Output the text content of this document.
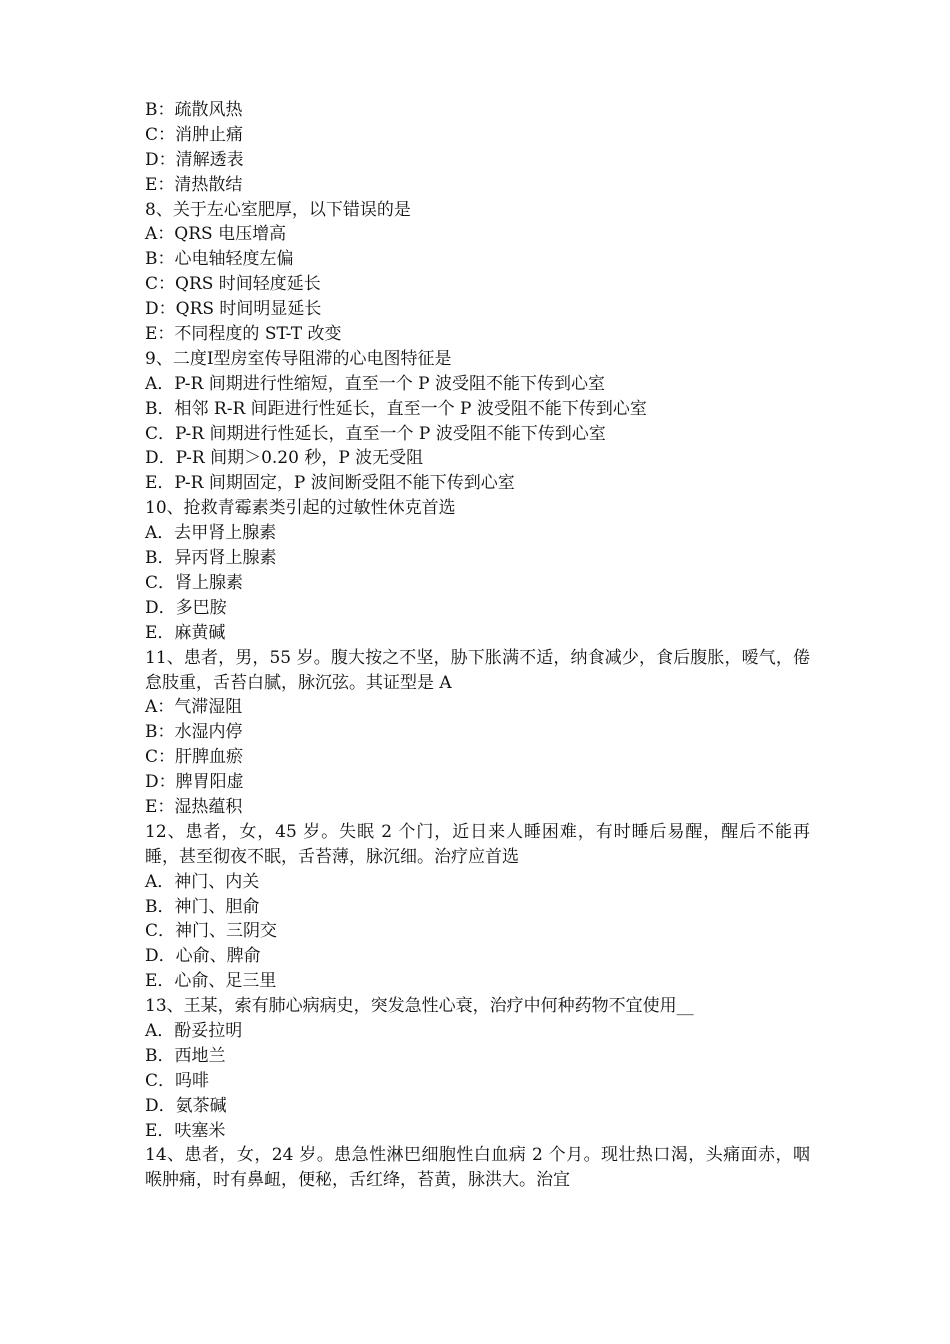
B：疏散风热
C：消肿止痛
D：清解透表
E：清热散结
8、关于左心室肥厚，以下错误的是
A：QRS 电压增高
B：心电轴轻度左偏
C：QRS 时间轻度延长
D：QRS 时间明显延长
E：不同程度的 ST-T 改变
9、二度Ⅰ型房室传导阻滞的心电图特征是
A．P-R 间期进行性缩短，直至一个 P 波受阻不能下传到心室
B．相邻 R-R 间距进行性延长，直至一个 P 波受阻不能下传到心室
C．P-R 间期进行性延长，直至一个 P 波受阻不能下传到心室
D．P-R 间期＞0.20 秒，P 波无受阻
E．P-R 间期固定，P 波间断受阻不能下传到心室
10、抢救青霉素类引起的过敏性休克首选
A．去甲肾上腺素
B．异丙肾上腺素
C．肾上腺素
D．多巴胺
E．麻黄碱
11、患者，男，55 岁。腹大按之不坚，胁下胀满不适，纳食减少，食后腹胀，嗳气，倦怠肢重，舌苔白腻，脉沉弦。其证型是 A
A：气滞湿阻
B：水湿内停
C：肝脾血瘀
D：脾胃阳虚
E：湿热蕴积
12、患者，女，45 岁。失眠 2 个门，近日来人睡困难，有时睡后易醒，醒后不能再睡，甚至彻夜不眠，舌苔薄，脉沉细。治疗应首选
A．神门、内关
B．神门、胆俞
C．神门、三阴交
D．心俞、脾俞
E．心俞、足三里
13、王某，索有肺心病病史，突发急性心衰，治疗中何种药物不宜使用__
A．酚妥拉明
B．西地兰
C．吗啡
D．氨茶碱
E．呋塞米
14、患者，女，24 岁。患急性淋巴细胞性白血病 2 个月。现壮热口渴，头痛面赤，咽喉肿痛，时有鼻衄，便秘，舌红绛，苔黄，脉洪大。治宜
